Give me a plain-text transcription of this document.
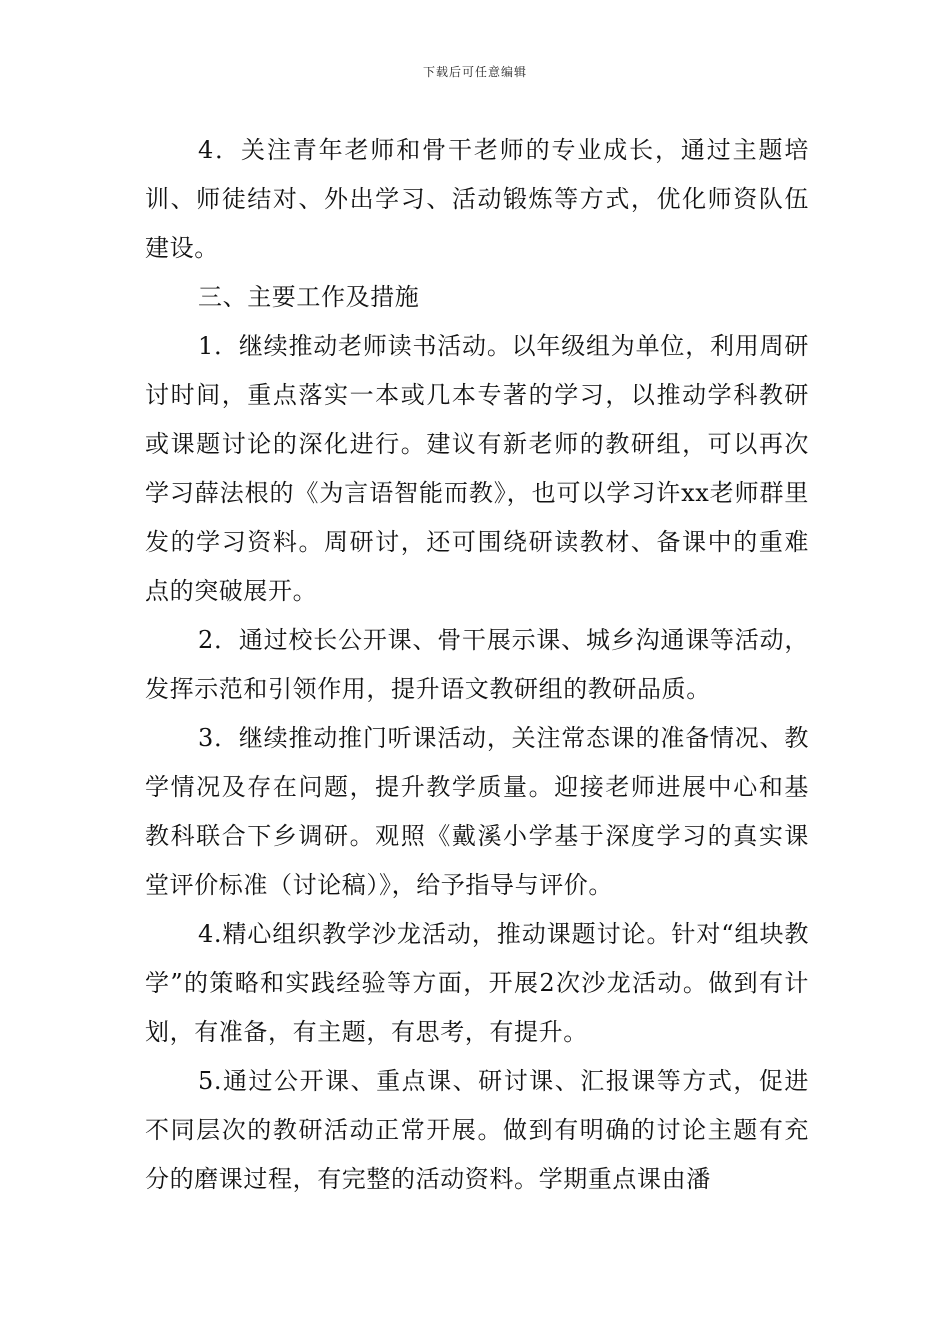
下载后可任意编辑

4．关注青年老师和骨干老师的专业成长，通过主题培训、师徒结对、外出学习、活动锻炼等方式，优化师资队伍建设。

三、主要工作及措施

1．继续推动老师读书活动。以年级组为单位，利用周研讨时间，重点落实一本或几本专著的学习，以推动学科教研或课题讨论的深化进行。建议有新老师的教研组，可以再次学习薛法根的《为言语智能而教》，也可以学习许xx老师群里发的学习资料。周研讨，还可围绕研读教材、备课中的重难点的突破展开。

2．通过校长公开课、骨干展示课、城乡沟通课等活动，发挥示范和引领作用，提升语文教研组的教研品质。

3．继续推动推门听课活动，关注常态课的准备情况、教学情况及存在问题，提升教学质量。迎接老师进展中心和基教科联合下乡调研。观照《戴溪小学基于深度学习的真实课堂评价标准（讨论稿）》，给予指导与评价。

4.精心组织教学沙龙活动，推动课题讨论。针对“组块教学”的策略和实践经验等方面，开展2次沙龙活动。做到有计划，有准备，有主题，有思考，有提升。

5.通过公开课、重点课、研讨课、汇报课等方式，促进不同层次的教研活动正常开展。做到有明确的讨论主题有充分的磨课过程，有完整的活动资料。学期重点课由潘
